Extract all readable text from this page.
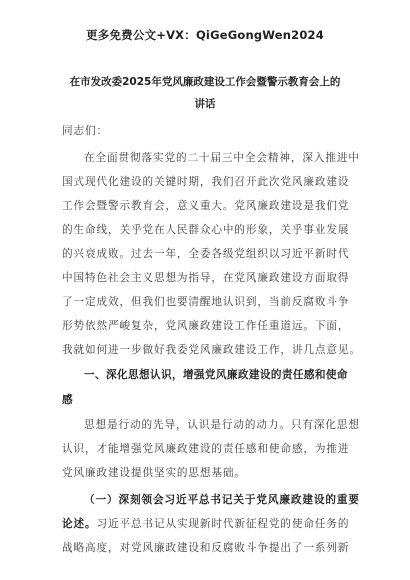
更多免费公文+VX：QiGeGongWen2024
在市发改委2025年党风廉政建设工作会暨警示教育会上的
讲话
同志们：
在全面贯彻落实党的二十届三中全会精神，深入推进中
国式现代化建设的关键时期，我们召开此次党风廉政建设
工作会暨警示教育会，意义重大。党风廉政建设是我们党
的生命线，关乎党在人民群众心中的形象，关乎事业发展
的兴衰成败。过去一年，全委各级党组织以习近平新时代
中国特色社会主义思想为指导，在党风廉政建设方面取得
了一定成效，但我们也要清醒地认识到，当前反腐败斗争
形势依然严峻复杂，党风廉政建设工作任重道远。下面，
我就如何进一步做好我委党风廉政建设工作，讲几点意见。
一、深化思想认识，增强党风廉政建设的责任感和使命
感
思想是行动的先导，认识是行动的动力。只有深化思想
认识，才能增强党风廉政建设的责任感和使命感，为推进
党风廉政建设提供坚实的思想基础。
（一）深刻领会习近平总书记关于党风廉政建设的重要
论述。习近平总书记从实现新时代新征程党的使命任务的
战略高度，对党风廉政建设和反腐败斗争提出了一系列新
